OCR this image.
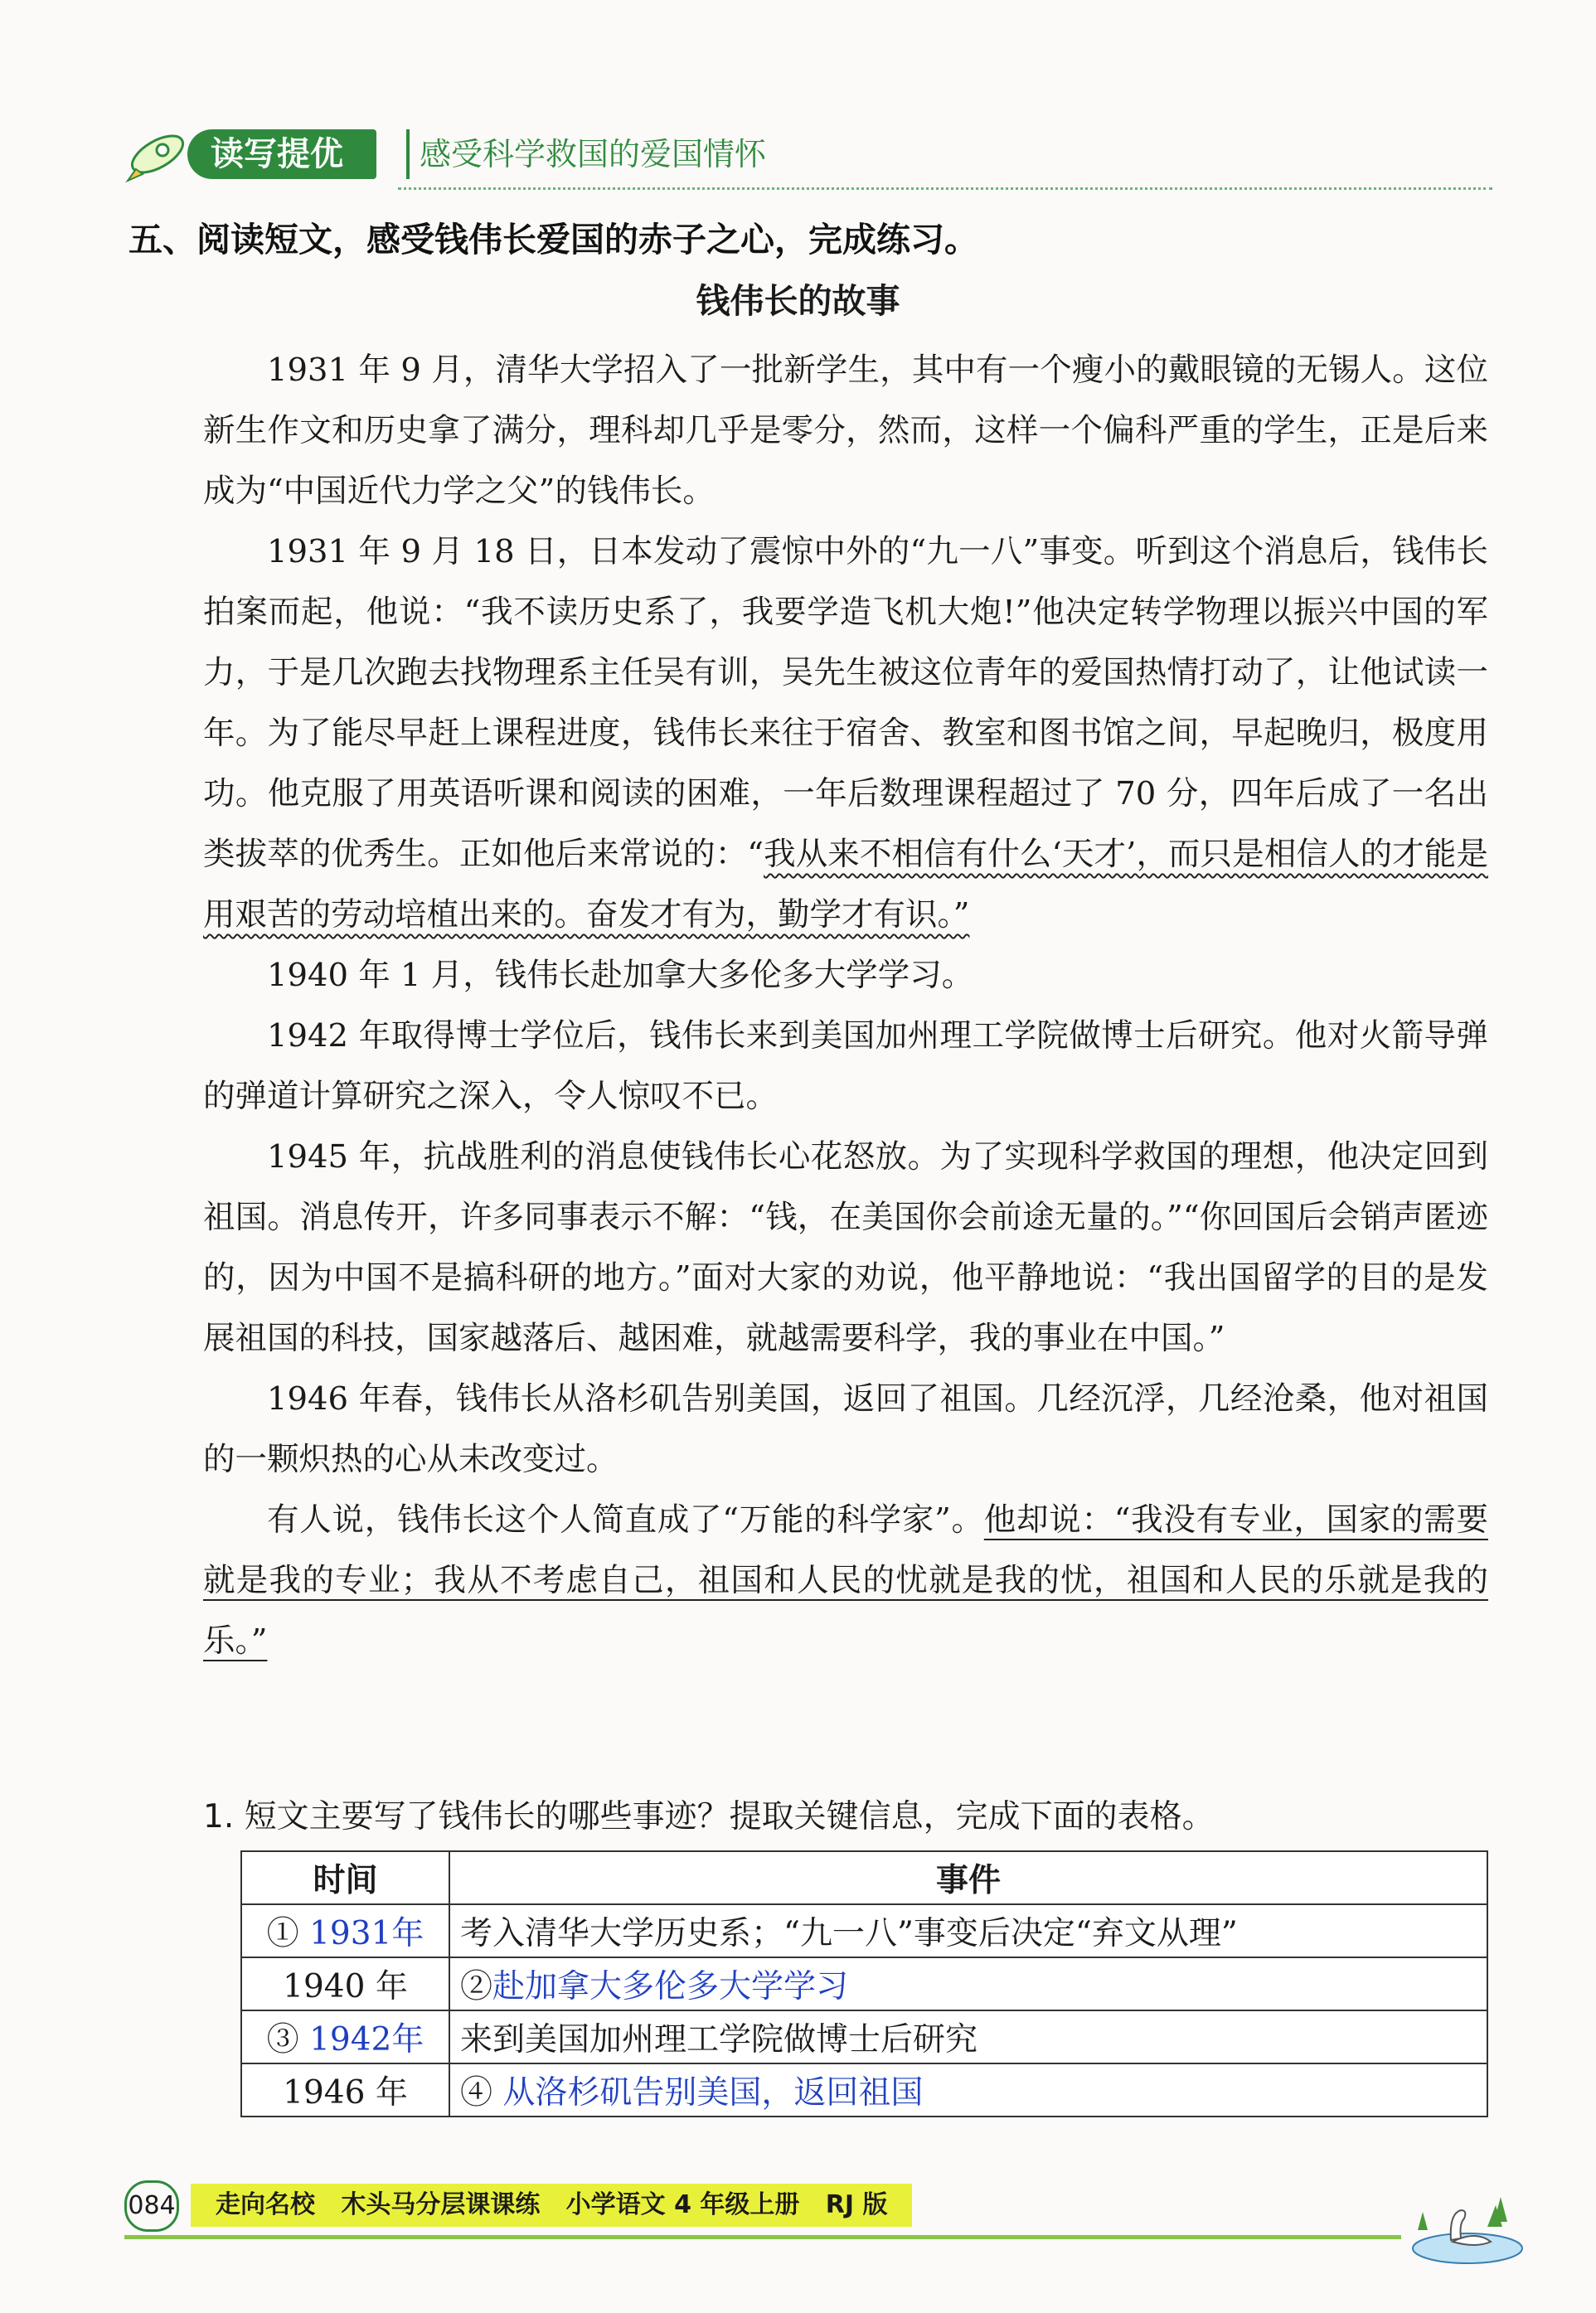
读写提优	感受科学救国的爱国情怀
五、阅读短文，感受钱伟长爱国的赤子之心，完成练习。
钱伟长的故事

1931 年 9 月，清华大学招入了一批新学生，其中有一个瘦小的戴眼镜的无锡人。这位新生作文和历史拿了满分，理科却几乎是零分，然而，这样一个偏科严重的学生，正是后来成为“中国近代力学之父”的钱伟长。

1931 年 9 月 18 日，日本发动了震惊中外的“九一八”事变。听到这个消息后，钱伟长拍案而起，他说：“我不读历史系了，我要学造飞机大炮!”他决定转学物理以振兴中国的军力，于是几次跑去找物理系主任吴有训，吴先生被这位青年的爱国热情打动了，让他试读一年。为了能尽早赶上课程进度，钱伟长来往于宿舍、教室和图书馆之间，早起晚归，极度用功。他克服了用英语听课和阅读的困难，一年后数理课程超过了 70 分，四年后成了一名出类拔萃的优秀生。正如他后来常说的：“我从来不相信有什么‘天才’，而只是相信人的才能是用艰苦的劳动培植出来的。奋发才有为，勤学才有识。”

1940 年 1 月，钱伟长赴加拿大多伦多大学学习。

1942 年取得博士学位后，钱伟长来到美国加州理工学院做博士后研究。他对火箭导弹的弹道计算研究之深入，令人惊叹不已。

1945 年，抗战胜利的消息使钱伟长心花怒放。为了实现科学救国的理想，他决定回到祖国。消息传开，许多同事表示不解：“钱，在美国你会前途无量的。”“你回国后会销声匿迹的，因为中国不是搞科研的地方。”面对大家的劝说，他平静地说：“我出国留学的目的是发展祖国的科技，国家越落后、越困难，就越需要科学，我的事业在中国。”

1946 年春，钱伟长从洛杉矶告别美国，返回了祖国。几经沉浮，几经沧桑，他对祖国的一颗炽热的心从未改变过。

有人说，钱伟长这个人简直成了“万能的科学家”。他却说：“我没有专业，国家的需要就是我的专业；我从不考虑自己，祖国和人民的忧就是我的忧，祖国和人民的乐就是我的乐。”

1. 短文主要写了钱伟长的哪些事迹？提取关键信息，完成下面的表格。
时间	事件
① 1931年	考入清华大学历史系；“九一八”事变后决定“弃文从理”
1940 年	②赴加拿大多伦多大学学习
③ 1942年	来到美国加州理工学院做博士后研究
1946 年	④ 从洛杉矶告别美国，返回祖国
084	走向名校   木头马分层课课练   小学语文 4 年级上册   RJ 版
